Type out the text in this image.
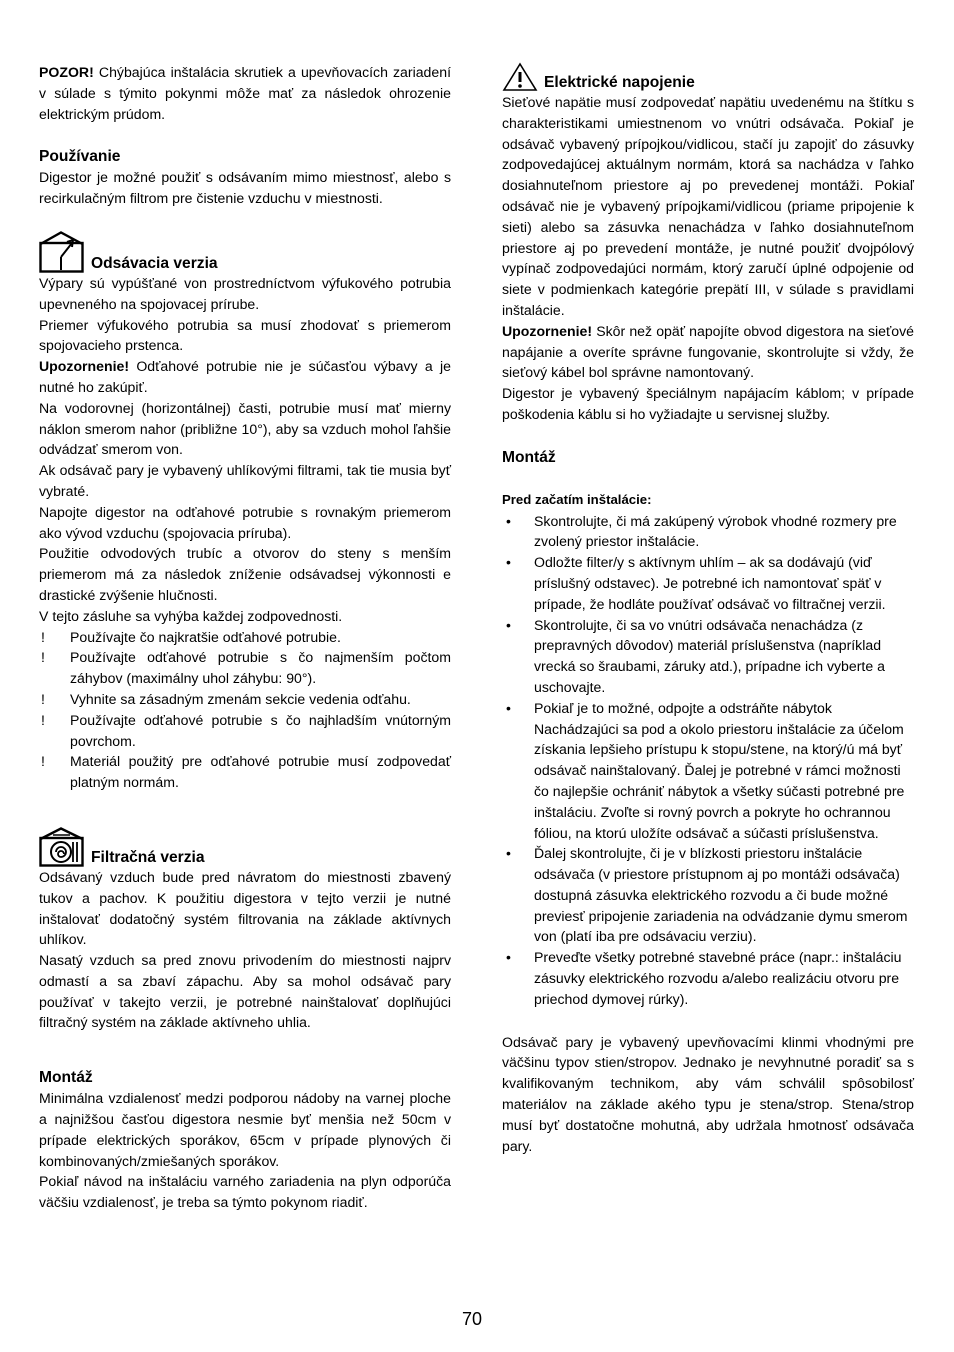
POZOR! Chýbajúca inštalácia skrutiek a upevňovacích zariadení v súlade s týmito pokynmi môže mať za následok ohrozenie elektrickým prúdom.

Používanie

Digestor je možné použiť s odsávaním mimo miestnosť, alebo s recirkulačným filtrom pre čistenie vzduchu v miestnosti.

Odsávacia verzia

Výpary sú vypúšťané von prostredníctvom výfukového potrubia upevneného na spojovacej prírube.

Priemer výfukového potrubia sa musí zhodovať s priemerom spojovacieho prstenca.

Upozornenie! Odťahové potrubie nie je súčasťou výbavy a je nutné ho zakúpiť.

Na vodorovnej (horizontálnej) časti, potrubie musí mať mierny náklon smerom nahor (približne 10°), aby sa vzduch mohol ľahšie odvádzať smerom von.

Ak odsávač pary je vybavený uhlíkovými filtrami, tak tie musia byť vybraté.

Napojte digestor na odťahové potrubie s rovnakým priemerom ako vývod vzduchu (spojovacia príruba).

Použitie odvodových trubíc a otvorov do steny s menším priemerom má za následok zníženie odsávadsej výkonnosti e drastické zvýšenie hlučnosti.

V tejto zásluhe sa vyhýba každej zodpovednosti.

! Používajte čo najkratšie odťahové potrubie.
! Používajte odťahové potrubie s čo najmenším počtom záhybov (maximálny uhol záhybu: 90°).
! Vyhnite sa zásadným zmenám sekcie vedenia odťahu.
! Používajte odťahové potrubie s čo najhladším vnútorným povrchom.
! Materiál použitý pre odťahové potrubie musí zodpovedať platným normám.
Filtračná verzia

Odsávaný vzduch bude pred návratom do miestnosti zbavený tukov a pachov. K použitiu digestora v tejto verzii je nutné inštalovať dodatočný systém filtrovania na základe aktívnych uhlíkov.

Nasatý vzduch sa pred znovu privodením do miestnosti najprv odmastí a sa zbaví zápachu. Aby sa mohol odsávač pary používať v takejto verzii, je potrebné nainštalovať doplňujúci filtračný systém na základe aktívneho uhlia.

Montáž

Minimálna vzdialenosť medzi podporou nádoby na varnej ploche a najnižšou časťou digestora nesmie byť menšia než 50cm v prípade elektrických sporákov, 65cm v prípade plynových či kombinovaných/zmiešaných sporákov.

Pokiaľ návod na inštaláciu varného zariadenia na plyn odporúča väčšiu vzdialenosť, je treba sa týmto pokynom riadiť.

Elektrické napojenie

Sieťové napätie musí zodpovedať napätiu uvedenému na štítku s charakteristikami umiestnenom vo vnútri odsávača. Pokiaľ je odsávač vybavený prípojkou/vidlicou, stačí ju zapojiť do zásuvky zodpovedajúcej aktuálnym normám, ktorá sa nachádza v ľahko dosiahnuteľnom priestore aj po prevedenej montáži. Pokiaľ odsávač nie je vybavený prípojkami/vidlicou (priame pripojenie k sieti) alebo sa zásuvka nenachádza v ľahko dosiahnuteľnom priestore aj po prevedení montáže, je nutné použiť dvojpólový vypínač zodpovedajúci normám, ktorý zaručí úplné odpojenie od siete v podmienkach kategórie prepätí III, v súlade s pravidlami inštalácie.

Upozornenie! Skôr než opäť napojíte obvod digestora na sieťové napájanie a overíte správne fungovanie, skontrolujte si vždy, že sieťový kábel bol správne namontovaný.

Digestor je vybavený špeciálnym napájacím káblom; v prípade poškodenia káblu si ho vyžiadajte u servisnej služby.

Montáž

Pred začatím inštalácie:

• Skontrolujte, či má zakúpený výrobok vhodné rozmery pre zvolený priestor inštalácie.
• Odložte filter/y s aktívnym uhlím – ak sa dodávajú (viď príslušný odstavec). Je potrebné ich namontovať späť v prípade, že hodláte používať odsávač vo filtračnej verzii.
• Skontrolujte, či sa vo vnútri odsávača nenachádza (z prepravných dôvodov) materiál príslušenstva (napríklad vrecká so šraubami, záruky atd.), prípadne ich vyberte a uschovajte.
• Pokiaľ je to možné, odpojte a odstráňte nábytok Nachádzajúci sa pod a okolo priestoru inštalácie za účelom získania lepšieho prístupu k stopu/stene, na ktorý/ú má byť odsávač nainštalovaný. Ďalej je potrebné v rámci možnosti čo najlepšie ochrániť nábytok a všetky súčasti potrebné pre inštaláciu. Zvoľte si rovný povrch a pokryte ho ochrannou fóliou, na ktorú uložíte odsávač a súčasti príslušenstva.
• Ďalej skontrolujte, či je v blízkosti priestoru inštalácie odsávača (v priestore prístupnom aj po montáži odsávača) dostupná zásuvka elektrického rozvodu a či bude možné previesť pripojenie zariadenia na odvádzanie dymu smerom von (platí iba pre odsávaciu verziu).
• Preveďte všetky potrebné stavebné práce (napr.: inštaláciu zásuvky elektrického rozvodu a/alebo realizáciu otvoru pre priechod dymovej rúrky).

Odsávač pary je vybavený upevňovacími klinmi vhodnými pre väčšinu typov stien/stropov. Jednako je nevyhnutné poradiť sa s kvalifikovaným technikom, aby vám schválil spôsobilosť materiálov na základe akého typu je stena/strop. Stena/strop musí byť dostatočne mohutná, aby udržala hmotnosť odsávača pary.

70
